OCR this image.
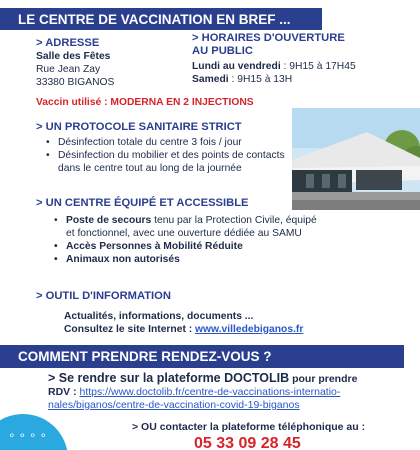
LE CENTRE DE VACCINATION EN BREF ...
> ADRESSE
Salle des Fêtes
Rue Jean Zay
33380 BIGANOS
> HORAIRES D'OUVERTURE
AU PUBLIC
Lundi au vendredi : 9H15 à 17H45
Samedi : 9H15 à 13H
Vaccin utilisé : MODERNA EN 2 INJECTIONS
> UN PROTOCOLE SANITAIRE STRICT
• Désinfection totale du centre 3 fois / jour
• Désinfection du mobilier et des points de contacts dans le centre tout au long de la journée
> UN CENTRE ÉQUIPÉ ET ACCESSIBLE
• Poste de secours tenu par la Protection Civile, équipé et fonctionnel, avec une ouverture dédiée au SAMU
• Accès Personnes à Mobilité Réduite
• Animaux non autorisés
> OUTIL D'INFORMATION
Actualités, informations, documents ...
Consultez le site Internet : www.villedebiganos.fr
COMMENT PRENDRE RENDEZ-VOUS ?
> Se rendre sur la plateforme DOCTOLIB pour prendre
RDV : https://www.doctolib.fr/centre-de-vaccinations-internatio-
nales/biganos/centre-de-vaccination-covid-19-biganos
> OU contacter la plateforme téléphonique au :
05 33 09 28 45
∘∘∘∘
